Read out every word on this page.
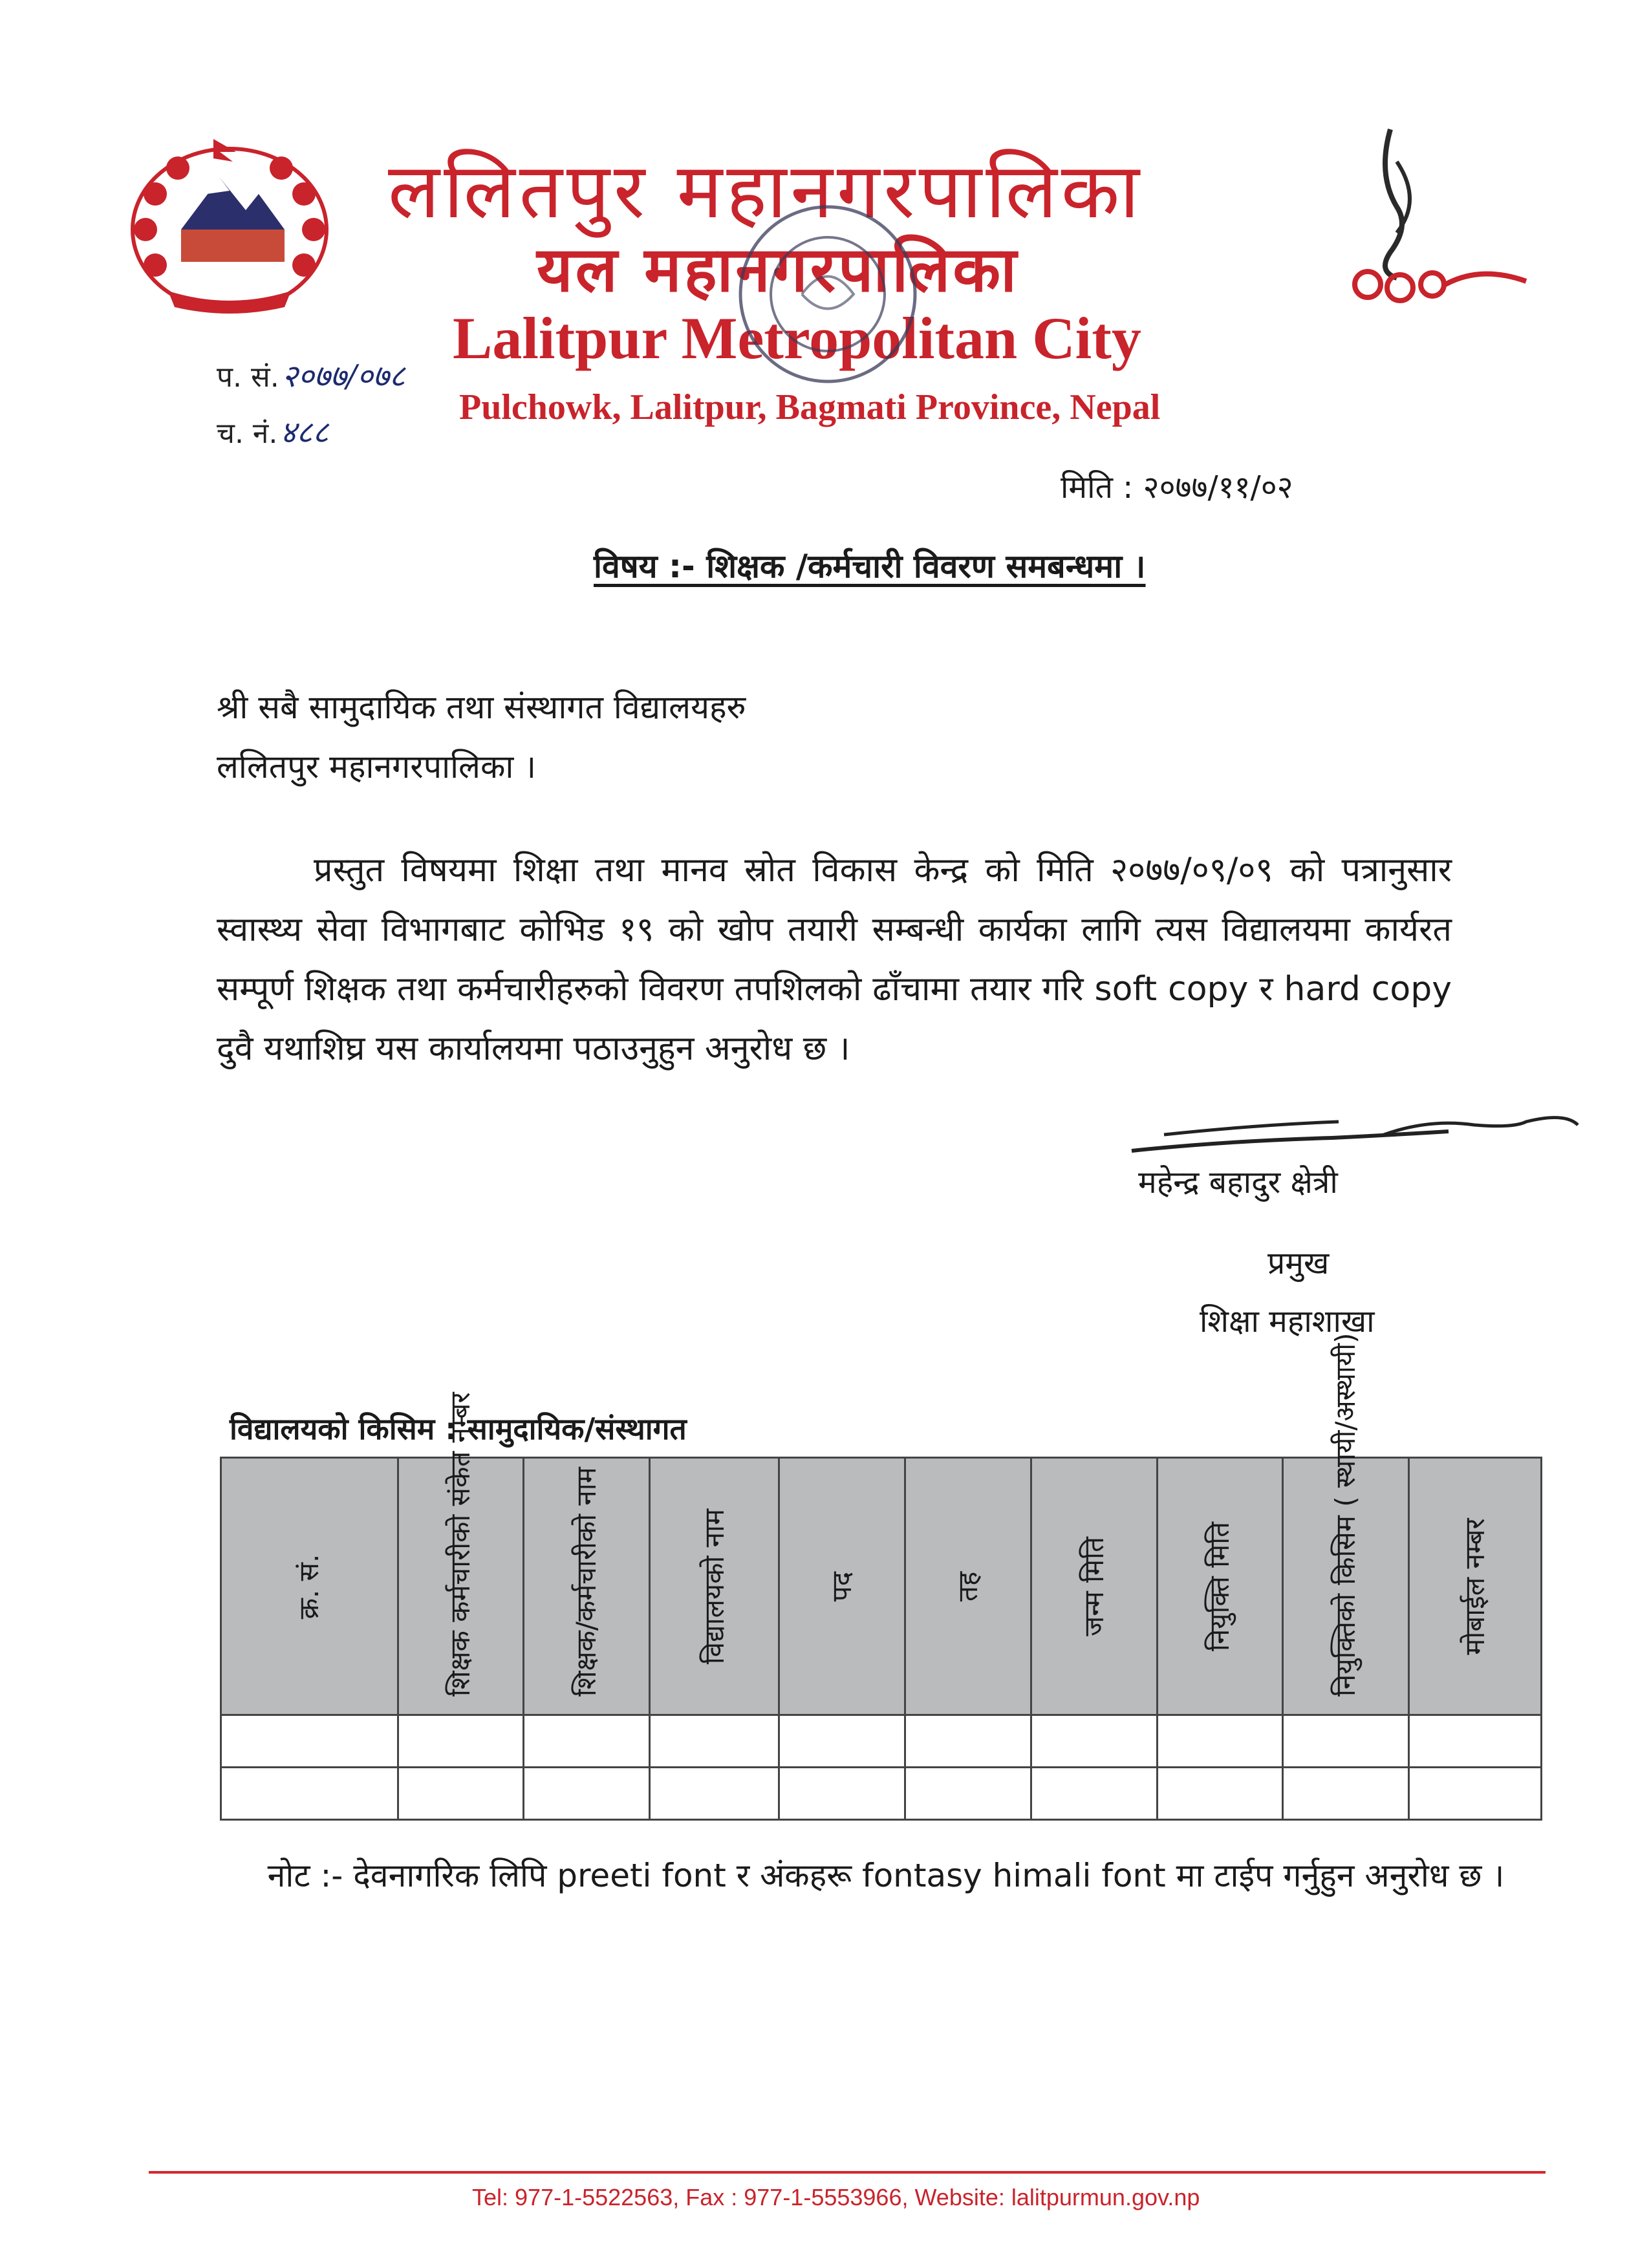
ललितपुर महानगरपालिका
यल महानगरपालिका
Lalitpur Metropolitan City
Pulchowk, Lalitpur, Bagmati Province, Nepal
प. सं.२०७७/०७८
च. नं.४८८
मिति : २०७७/११/०२
विषय :- शिक्षक /कर्मचारी विवरण समबन्धमा ।
श्री सबै सामुदायिक तथा संस्थागत विद्यालयहरु
ललितपुर महानगरपालिका ।
प्रस्तुत विषयमा शिक्षा तथा मानव स्रोत विकास केन्द्र को मिति २०७७/०९/०९ को पत्रानुसार स्वास्थ्य सेवा विभागबाट कोभिड १९ को खोप तयारी सम्बन्धी कार्यका लागि त्यस विद्यालयमा कार्यरत सम्पूर्ण शिक्षक तथा कर्मचारीहरुको विवरण तपशिलको ढाँचामा तयार गरि soft copy र hard copy दुवै यथाशिघ्र यस कार्यालयमा पठाउनुहुन अनुरोध छ ।
महेन्द्र बहादुर क्षेत्री
प्रमुख
शिक्षा महाशाखा
विद्यालयको किसिम : सामुदायिक/संस्थागत
क्र. सं.	शिक्षक कर्मचारीको संकेत नम्बर	शिक्षक/कर्मचारीको नाम	विद्यालयको नाम	पद	तह	जन्म मिति	नियुक्ति मिति	नियुक्तिको किसिम ( स्थायी/अस्थायी)	मोबाईल नम्बर

नोट :- देवनागरिक लिपि preeti font र अंकहरू fontasy himali font मा टाईप गर्नुहुन अनुरोध छ ।
Tel: 977-1-5522563, Fax : 977-1-5553966, Website: lalitpurmun.gov.np
